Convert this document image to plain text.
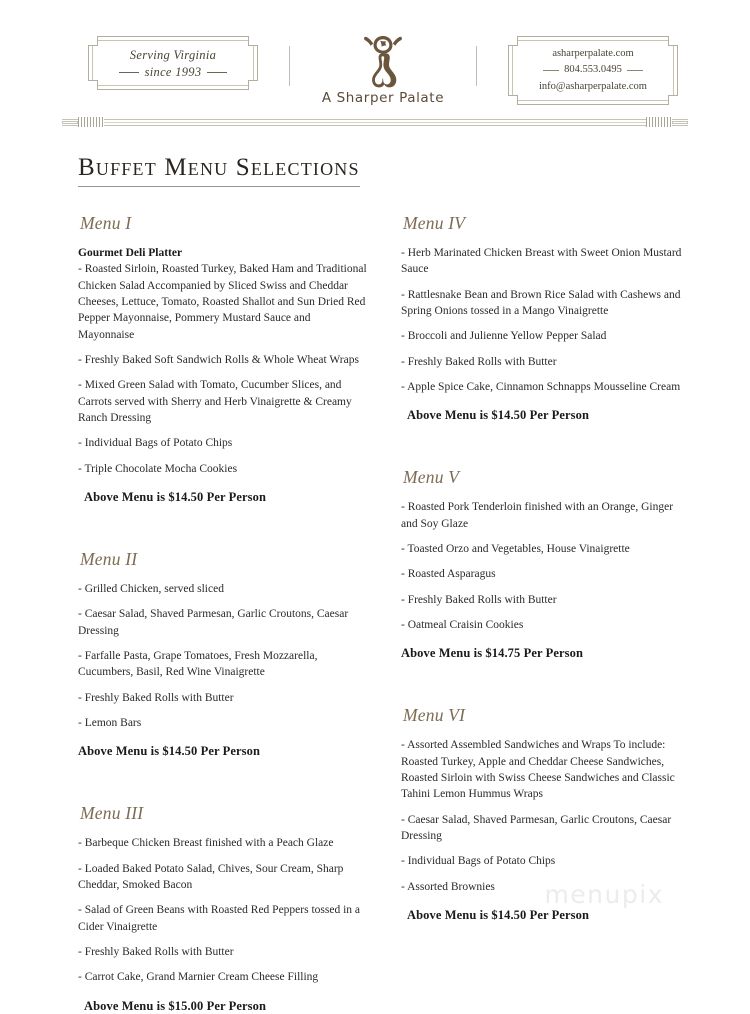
Serving Virginia
since 1993
A Sharper Palate
asharperpalate.com
804.553.0495
info@asharperpalate.com
Buffet Menu Selections
Menu I

Gourmet Deli Platter

- Roasted Sirloin, Roasted Turkey, Baked Ham and Traditional Chicken Salad Accompanied by Sliced Swiss and Cheddar Cheeses, Lettuce, Tomato, Roasted Shallot and Sun Dried Red Pepper Mayonnaise, Pommery Mustard Sauce and Mayonnaise

- Freshly Baked Soft Sandwich Rolls & Whole Wheat Wraps

- Mixed Green Salad with Tomato, Cucumber Slices, and Carrots served with Sherry and Herb Vinaigrette & Creamy Ranch Dressing

- Individual Bags of Potato Chips

- Triple Chocolate Mocha Cookies

Above Menu is $14.50 Per Person

Menu II

- Grilled Chicken, served sliced

- Caesar Salad, Shaved Parmesan, Garlic Croutons, Caesar Dressing

- Farfalle Pasta, Grape Tomatoes, Fresh Mozzarella, Cucumbers, Basil, Red Wine Vinaigrette

- Freshly Baked Rolls with Butter

- Lemon Bars

Above Menu is $14.50 Per Person

Menu III

- Barbeque Chicken Breast finished with a Peach Glaze

- Loaded Baked Potato Salad, Chives, Sour Cream, Sharp Cheddar, Smoked Bacon

- Salad of Green Beans with Roasted Red Peppers tossed in a Cider Vinaigrette

- Freshly Baked Rolls with Butter

- Carrot Cake, Grand Marnier Cream Cheese Filling

Above Menu is $15.00 Per Person

Menu IV

- Herb Marinated Chicken Breast with Sweet Onion Mustard Sauce

- Rattlesnake Bean and Brown Rice Salad with Cashews and Spring Onions tossed in a Mango Vinaigrette

- Broccoli and Julienne Yellow Pepper Salad

- Freshly Baked Rolls with Butter

- Apple Spice Cake, Cinnamon Schnapps Mousseline Cream

Above Menu is $14.50 Per Person

Menu V

- Roasted Pork Tenderloin finished with an Orange, Ginger and Soy Glaze

- Toasted Orzo and Vegetables, House Vinaigrette

- Roasted Asparagus

- Freshly Baked Rolls with Butter

- Oatmeal Craisin Cookies

Above Menu is $14.75 Per Person

Menu VI

- Assorted Assembled Sandwiches and Wraps To include: Roasted Turkey, Apple and Cheddar Cheese Sandwiches, Roasted Sirloin with Swiss Cheese Sandwiches and Classic Tahini Lemon Hummus Wraps

- Caesar Salad, Shaved Parmesan, Garlic Croutons, Caesar Dressing

- Individual Bags of Potato Chips

- Assorted Brownies

Above Menu is $14.50 Per Person

menupix
